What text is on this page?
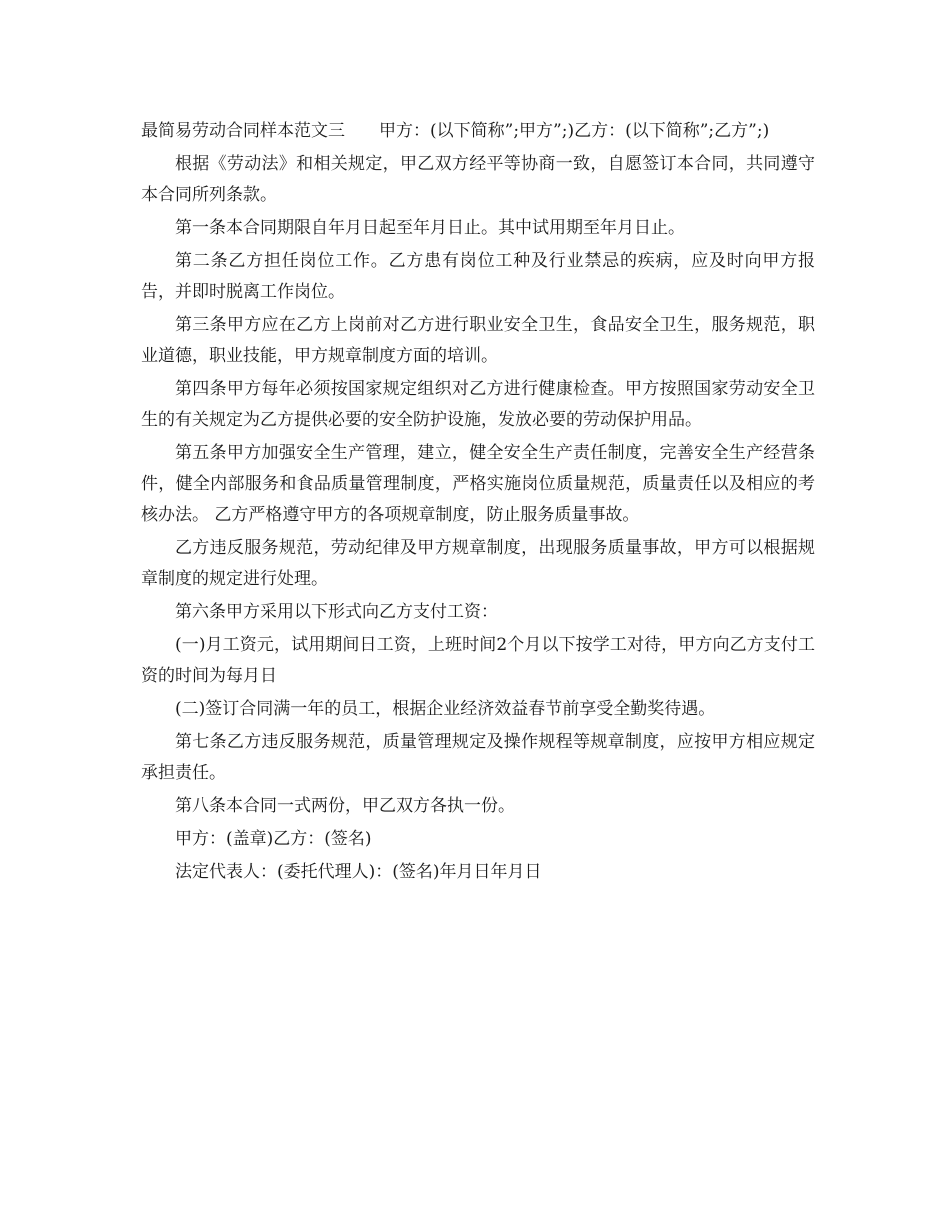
最简易劳动合同样本范文三　　甲方：(以下简称”;甲方”;)乙方：(以下简称”;乙方”;)

根据《劳动法》和相关规定，甲乙双方经平等协商一致，自愿签订本合同，共同遵守本合同所列条款。

第一条本合同期限自年月日起至年月日止。其中试用期至年月日止。

第二条乙方担任岗位工作。乙方患有岗位工种及行业禁忌的疾病，应及时向甲方报告，并即时脱离工作岗位。

第三条甲方应在乙方上岗前对乙方进行职业安全卫生，食品安全卫生，服务规范，职业道德，职业技能，甲方规章制度方面的培训。

第四条甲方每年必须按国家规定组织对乙方进行健康检查。甲方按照国家劳动安全卫生的有关规定为乙方提供必要的安全防护设施，发放必要的劳动保护用品。

第五条甲方加强安全生产管理，建立，健全安全生产责任制度，完善安全生产经营条件，健全内部服务和食品质量管理制度，严格实施岗位质量规范，质量责任以及相应的考核办法。 乙方严格遵守甲方的各项规章制度，防止服务质量事故。

乙方违反服务规范，劳动纪律及甲方规章制度，出现服务质量事故，甲方可以根据规章制度的规定进行处理。

第六条甲方采用以下形式向乙方支付工资：

(一)月工资元，试用期间日工资，上班时间2个月以下按学工对待，甲方向乙方支付工资的时间为每月日

(二)签订合同满一年的员工，根据企业经济效益春节前享受全勤奖待遇。

第七条乙方违反服务规范，质量管理规定及操作规程等规章制度，应按甲方相应规定承担责任。

第八条本合同一式两份，甲乙双方各执一份。

甲方：(盖章)乙方：(签名)

法定代表人：(委托代理人)：(签名)年月日年月日
